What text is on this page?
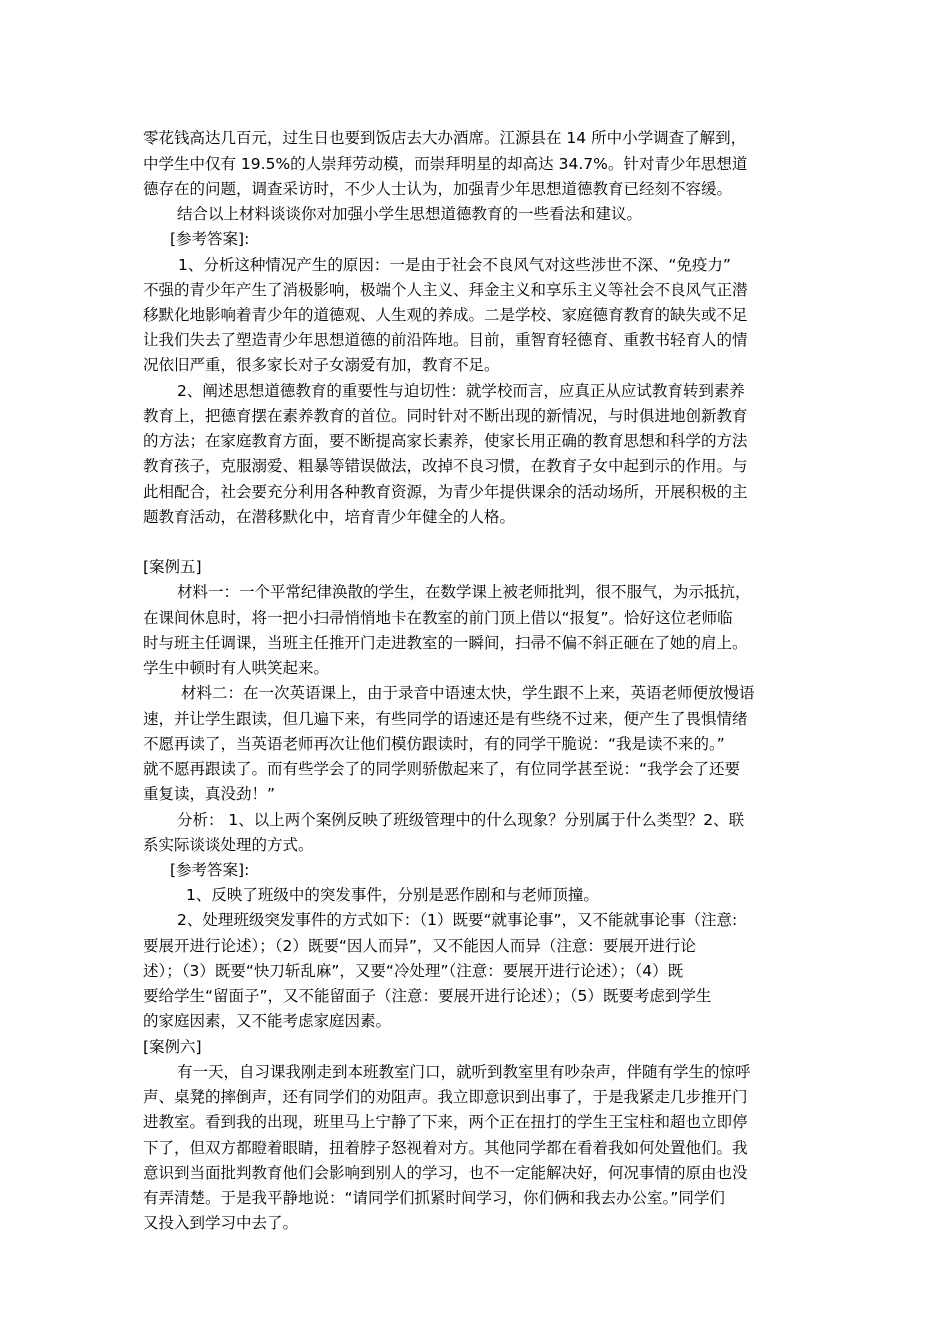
零花钱高达几百元，过生日也要到饭店去大办酒席。江源县在 14 所中小学调查了解到，

中学生中仅有 19.5%的人崇拜劳动模，而崇拜明星的却高达 34.7%。针对青少年思想道

德存在的问题，调查采访时，不少人士认为，加强青少年思想道德教育已经刻不容缓。

结合以上材料谈谈你对加强小学生思想道德教育的一些看法和建议。

[参考答案]:

1、分析这种情况产生的原因：一是由于社会不良风气对这些涉世不深、“免疫力”

不强的青少年产生了消极影响，极端个人主义、拜金主义和享乐主义等社会不良风气正潜

移默化地影响着青少年的道德观、人生观的养成。二是学校、家庭德育教育的缺失或不足

让我们失去了塑造青少年思想道德的前沿阵地。目前，重智育轻德育、重教书轻育人的情

况依旧严重，很多家长对子女溺爱有加，教育不足。

2、阐述思想道德教育的重要性与迫切性：就学校而言，应真正从应试教育转到素养

教育上，把德育摆在素养教育的首位。同时针对不断出现的新情况，与时俱进地创新教育

的方法；在家庭教育方面，要不断提高家长素养，使家长用正确的教育思想和科学的方法

教育孩子，克服溺爱、粗暴等错误做法，改掉不良习惯，在教育子女中起到示的作用。与

此相配合，社会要充分利用各种教育资源，为青少年提供课余的活动场所，开展积极的主

题教育活动，在潜移默化中，培育青少年健全的人格。

[案例五]

材料一：一个平常纪律涣散的学生，在数学课上被老师批判，很不服气，为示抵抗，

在课间休息时，将一把小扫帚悄悄地卡在教室的前门顶上借以“报复”。恰好这位老师临

时与班主任调课，当班主任推开门走进教室的一瞬间，扫帚不偏不斜正砸在了她的肩上。

学生中顿时有人哄笑起来。

材料二：在一次英语课上，由于录音中语速太快，学生跟不上来，英语老师便放慢语

速，并让学生跟读，但几遍下来，有些同学的语速还是有些绕不过来，便产生了畏惧情绪

不愿再读了，当英语老师再次让他们模仿跟读时，有的同学干脆说：“我是读不来的。”

就不愿再跟读了。而有些学会了的同学则骄傲起来了，有位同学甚至说：“我学会了还要

重复读，真没劲！”

分析： 1、以上两个案例反映了班级管理中的什么现象？分别属于什么类型？2、联

系实际谈谈处理的方式。

[参考答案]:

1、反映了班级中的突发事件，分别是恶作剧和与老师顶撞。

2、处理班级突发事件的方式如下：（1）既要“就事论事”，又不能就事论事（注意:

要展开进行论述）；（2）既要“因人而异”，又不能因人而异（注意：要展开进行论

述）；（3）既要“快刀斩乱麻”，又要“冷处理”（注意：要展开进行论述）；（4）既

要给学生“留面子”，又不能留面子（注意：要展开进行论述）；（5）既要考虑到学生

的家庭因素，又不能考虑家庭因素。

[案例六]

有一天，自习课我刚走到本班教室门口，就听到教室里有吵杂声，伴随有学生的惊呼

声、桌凳的摔倒声，还有同学们的劝阻声。我立即意识到出事了，于是我紧走几步推开门

进教室。看到我的出现，班里马上宁静了下来，两个正在扭打的学生王宝柱和超也立即停

下了，但双方都瞪着眼睛，扭着脖子怒视着对方。其他同学都在看着我如何处置他们。我

意识到当面批判教育他们会影响到别人的学习，也不一定能解决好，何况事情的原由也没

有弄清楚。于是我平静地说：“请同学们抓紧时间学习，你们俩和我去办公室。”同学们

又投入到学习中去了。
